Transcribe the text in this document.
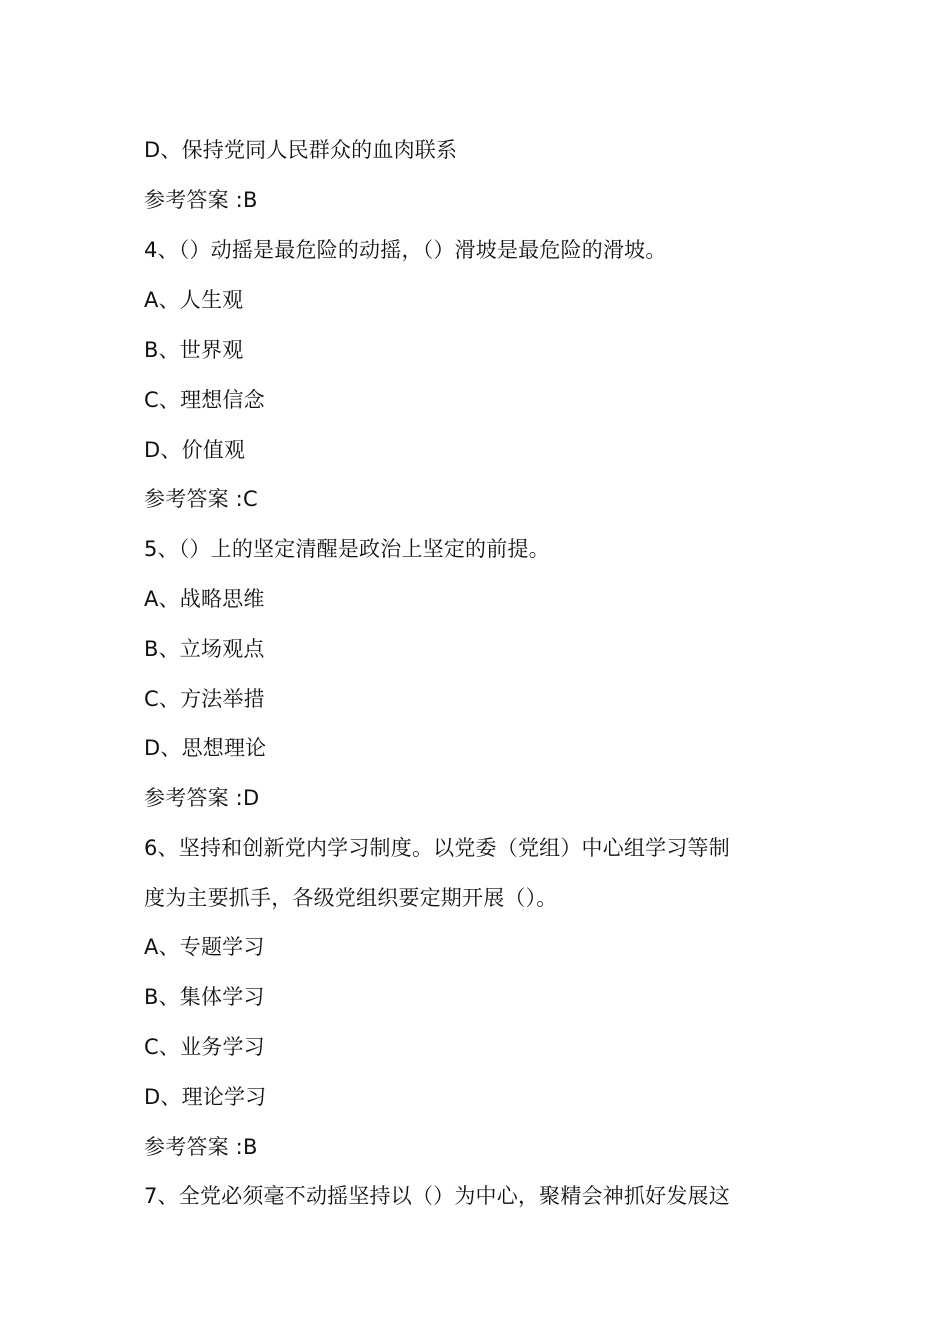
D、保持党同人民群众的血肉联系
参考答案 :B
4、（）动摇是最危险的动摇，（）滑坡是最危险的滑坡。
A、人生观
B、世界观
C、理想信念
D、价值观
参考答案 :C
5、（）上的坚定清醒是政治上坚定的前提。
A、战略思维
B、立场观点
C、方法举措
D、思想理论
参考答案 :D
6、坚持和创新党内学习制度。以党委（党组）中心组学习等制
度为主要抓手，各级党组织要定期开展（）。
A、专题学习
B、集体学习
C、业务学习
D、理论学习
参考答案 :B
7、全党必须毫不动摇坚持以（）为中心，聚精会神抓好发展这
